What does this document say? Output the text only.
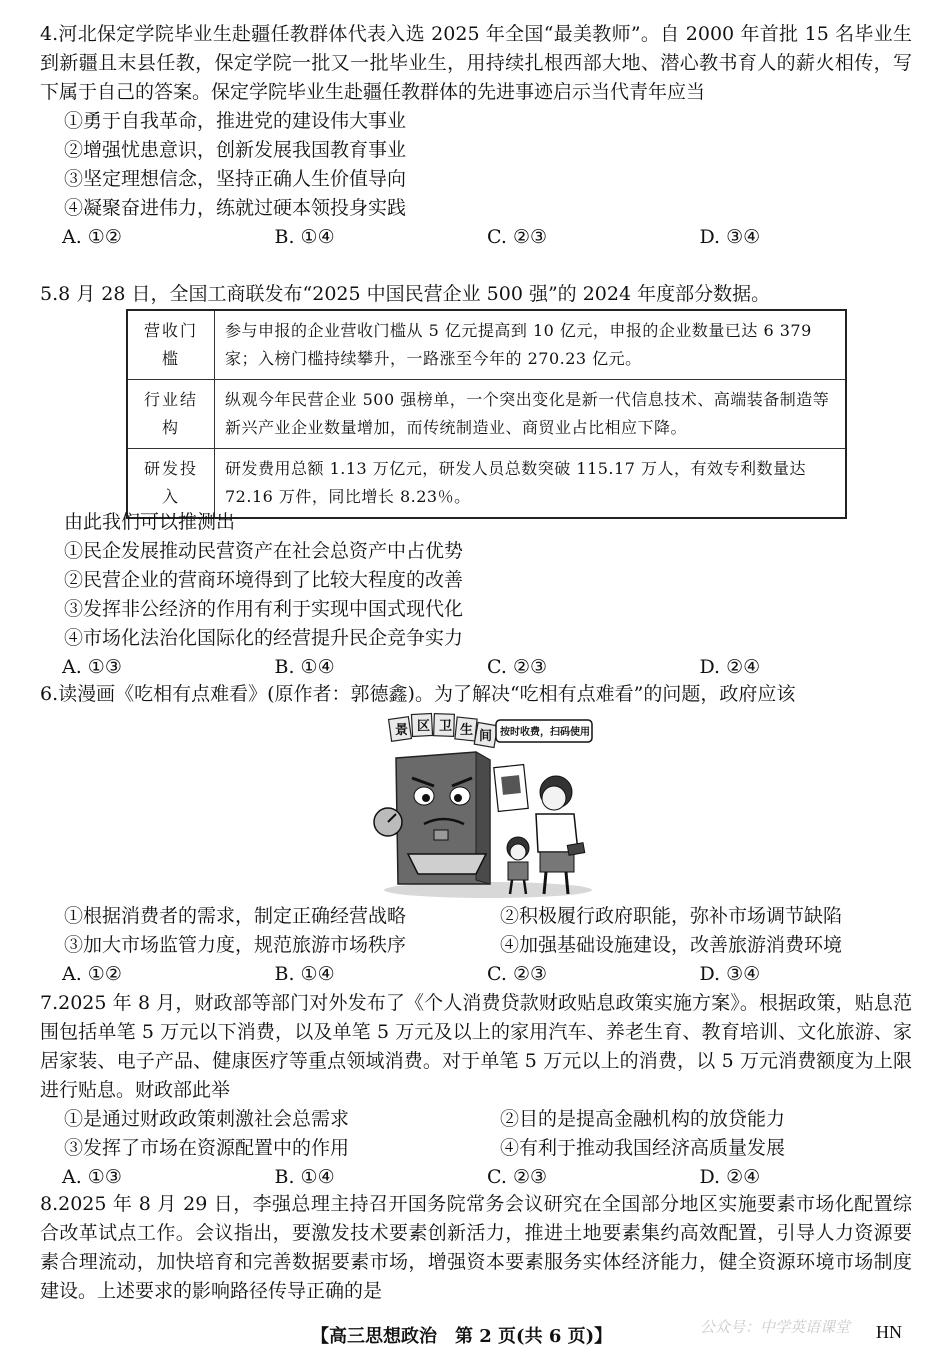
4.河北保定学院毕业生赴疆任教群体代表入选 2025 年全国“最美教师”。自 2000 年首批 15 名毕业生到新疆且末县任教，保定学院一批又一批毕业生，用持续扎根西部大地、潜心教书育人的薪火相传，写下属于自己的答案。保定学院毕业生赴疆任教群体的先进事迹启示当代青年应当

①勇于自我革命，推进党的建设伟大事业

②增强忧患意识，创新发展我国教育事业

③坚定理想信念，坚持正确人生价值导向

④凝聚奋进伟力，练就过硬本领投身实践

A. ①②	B. ①④	C. ②③	D. ③④

5.8 月 28 日，全国工商联发布“2025 中国民营企业 500 强”的 2024 年度部分数据。

营收门槛	参与申报的企业营收门槛从 5 亿元提高到 10 亿元，申报的企业数量已达 6 379 家；入榜门槛持续攀升，一路涨至今年的 270.23 亿元。
行业结构	纵观今年民营企业 500 强榜单，一个突出变化是新一代信息技术、高端装备制造等新兴产业企业数量增加，而传统制造业、商贸业占比相应下降。
研发投入	研发费用总额 1.13 万亿元，研发人员总数突破 115.17 万人，有效专利数量达 72.16 万件，同比增长 8.23％。

由此我们可以推测出

①民企发展推动民营资产在社会总资产中占优势

②民营企业的营商环境得到了比较大程度的改善

③发挥非公经济的作用有利于实现中国式现代化

④市场化法治化国际化的经营提升民企竞争实力

A. ①③	B. ①④	C. ②③	D. ②④

6.读漫画《吃相有点难看》(原作者：郭德鑫)。为了解决“吃相有点难看”的问题，政府应该

景 区 卫 生 间 按时收费，扫码使用
①根据消费者的需求，制定正确经营战略	②积极履行政府职能，弥补市场调节缺陷
③加大市场监管力度，规范旅游市场秩序	④加强基础设施建设，改善旅游消费环境
A. ①②	B. ①④	C. ②③	D. ③④

7.2025 年 8 月，财政部等部门对外发布了《个人消费贷款财政贴息政策实施方案》。根据政策，贴息范围包括单笔 5 万元以下消费，以及单笔 5 万元及以上的家用汽车、养老生育、教育培训、文化旅游、家居家装、电子产品、健康医疗等重点领域消费。对于单笔 5 万元以上的消费，以 5 万元消费额度为上限进行贴息。财政部此举

①是通过财政政策刺激社会总需求	②目的是提高金融机构的放贷能力
③发挥了市场在资源配置中的作用	④有利于推动我国经济高质量发展
A. ①③	B. ①④	C. ②③	D. ②④

8.2025 年 8 月 29 日，李强总理主持召开国务院常务会议研究在全国部分地区实施要素市场化配置综合改革试点工作。会议指出，要激发技术要素创新活力，推进土地要素集约高效配置，引导人力资源要素合理流动，加快培育和完善数据要素市场，增强资本要素服务实体经济能力，健全资源环境市场制度建设。上述要求的影响路径传导正确的是

【高三思想政治　第 2 页(共 6 页)】	HN
公众号：中学英语课堂
